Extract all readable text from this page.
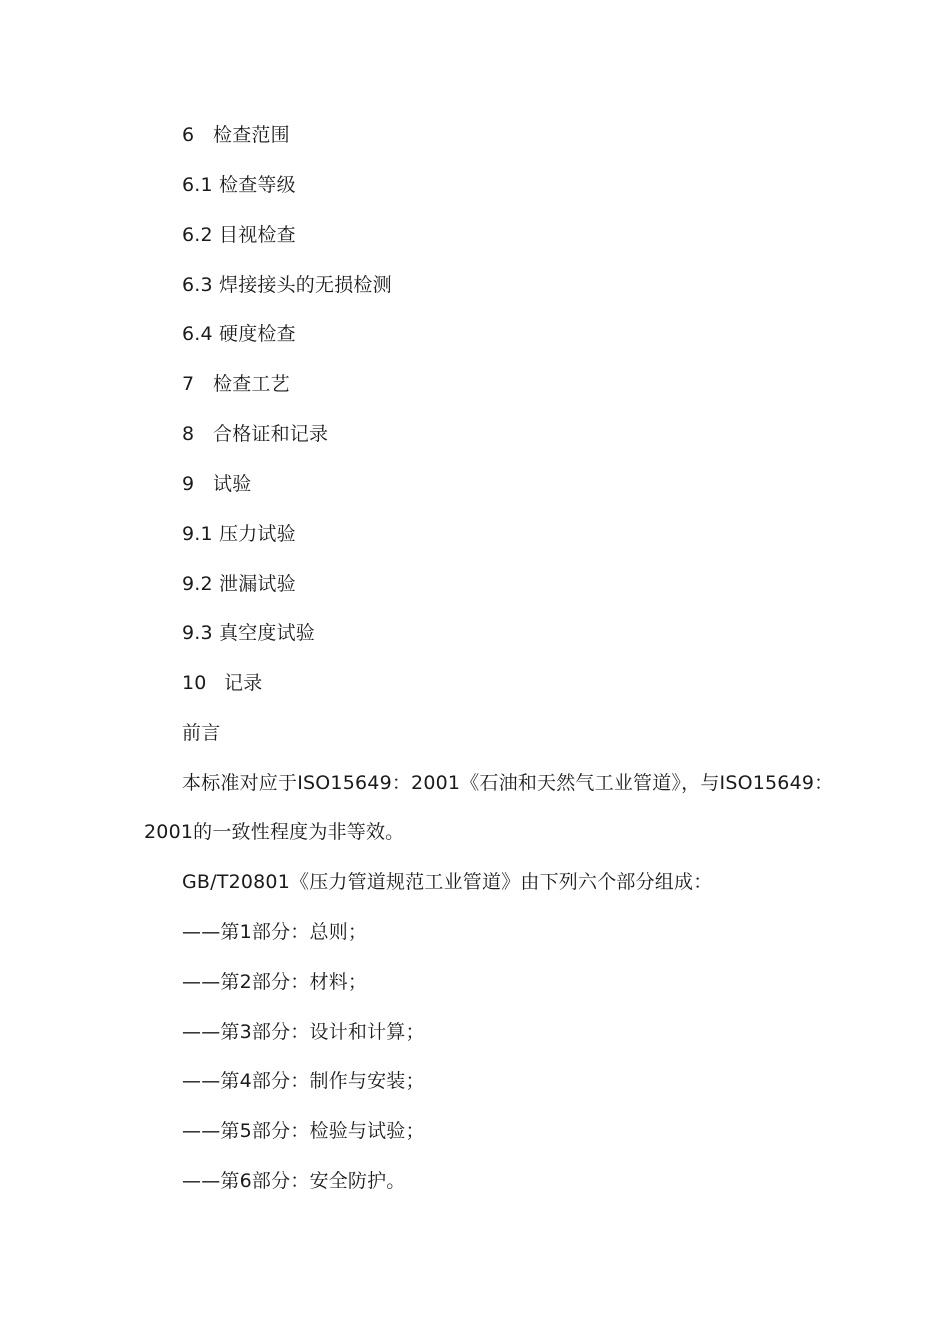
6 检查范围
6.1 检查等级
6.2 目视检查
6.3 焊接接头的无损检测
6.4 硬度检查
7 检查工艺
8 合格证和记录
9 试验
9.1 压力试验
9.2 泄漏试验
9.3 真空度试验
10 记录
前言
本标准对应于ISO15649：2001《石油和天然气工业管道》，与ISO15649：
2001的一致性程度为非等效。
GB/T20801《压力管道规范工业管道》由下列六个部分组成：
——第1部分：总则；
——第2部分：材料；
——第3部分：设计和计算；
——第4部分：制作与安装；
——第5部分：检验与试验；
——第6部分：安全防护。
